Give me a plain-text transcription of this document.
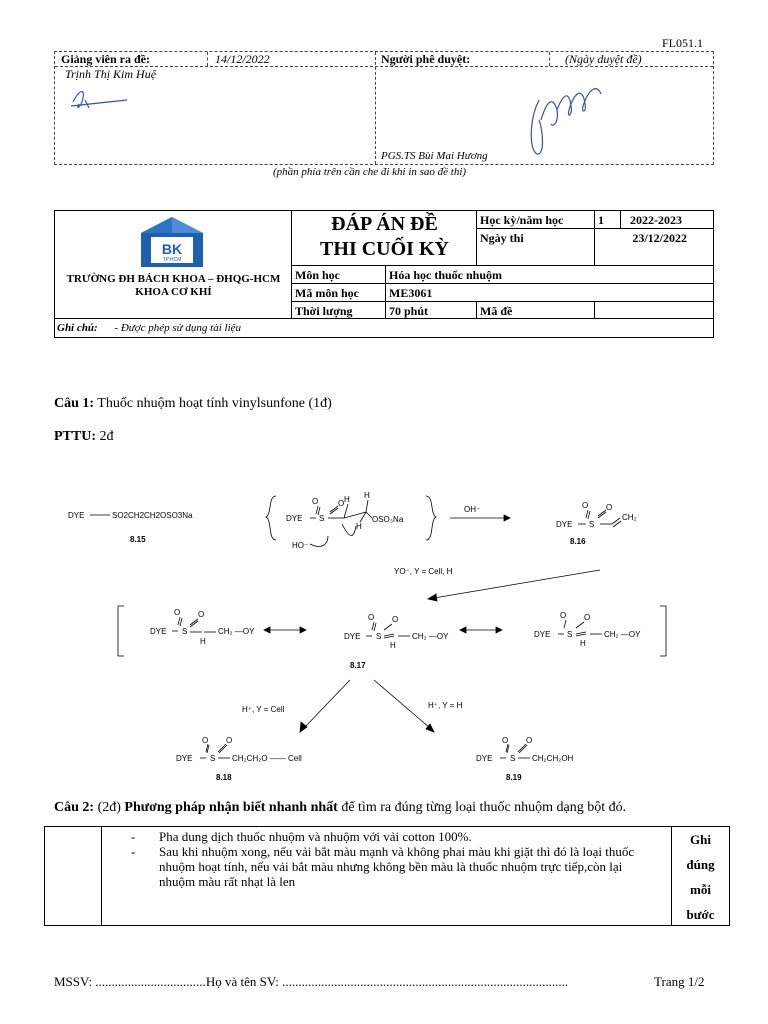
FL051.1
Giảng viên ra đề:	14/12/2022
Trịnh Thị Kim Huệ
Người phê duyệt:	(Ngày duyệt đề)
PGS.TS Bùi Mai Hương
(phần phía trên cần che đi khi in sao đề thi)
BK
TP.HCM
TRƯỜNG ĐH BÁCH KHOA – ĐHQG-HCM
KHOA CƠ KHÍ
ĐÁP ÁN ĐỀ
THI CUỐI KỲ
Học kỳ/năm học	1	2022-2023
Ngày thi	23/12/2022
Môn học	Hóa học thuốc nhuộm
Mã môn học	ME3061
Thời lượng	70 phút	Mã đề
Ghi chú: - Được phép sử dụng tài liệu
Câu 1: Thuốc nhuộm hoạt tính vinylsunfone (1đ)
PTTU: 2đ
DYE	SO2CH2CH2OSO3Na
8.15
DYE S
O O H H
H
OSO₃Na
HO⁻
OH⁻
DYE S
O O
CH₂
8.16
YO⁻, Y = Cell, H
DYE S
O O
H
CH₂ —OY
DYE S
O O
H
CH₂ —OY
8.17
DYE S
O O
H
CH₂ —OY
H⁺, Y = Cell	H⁺, Y = H
DYE S
O O
CH₂CH₂O —— Cell
8.18
DYE S
O O
CH₂CH₂OH
8.19
Câu 2: (2đ) Phương pháp nhận biết nhanh nhất để tìm ra đúng từng loại thuốc nhuộm dạng bột đó.
- Pha dung dịch thuốc nhuộm và nhuộm với vải cotton 100%.
- Sau khi nhuộm xong, nếu vải bắt màu mạnh và không phai màu khi giặt thì đó là loại thuốc nhuộm hoạt tính, nếu vải bắt màu nhưng không bền màu là thuốc nhuộm trực tiếp,còn lại nhuộm màu rất nhạt là len
Ghi
đúng
mỗi
bước
MSSV: ..................................Họ và tên SV: ........................................................................................	Trang 1/2
